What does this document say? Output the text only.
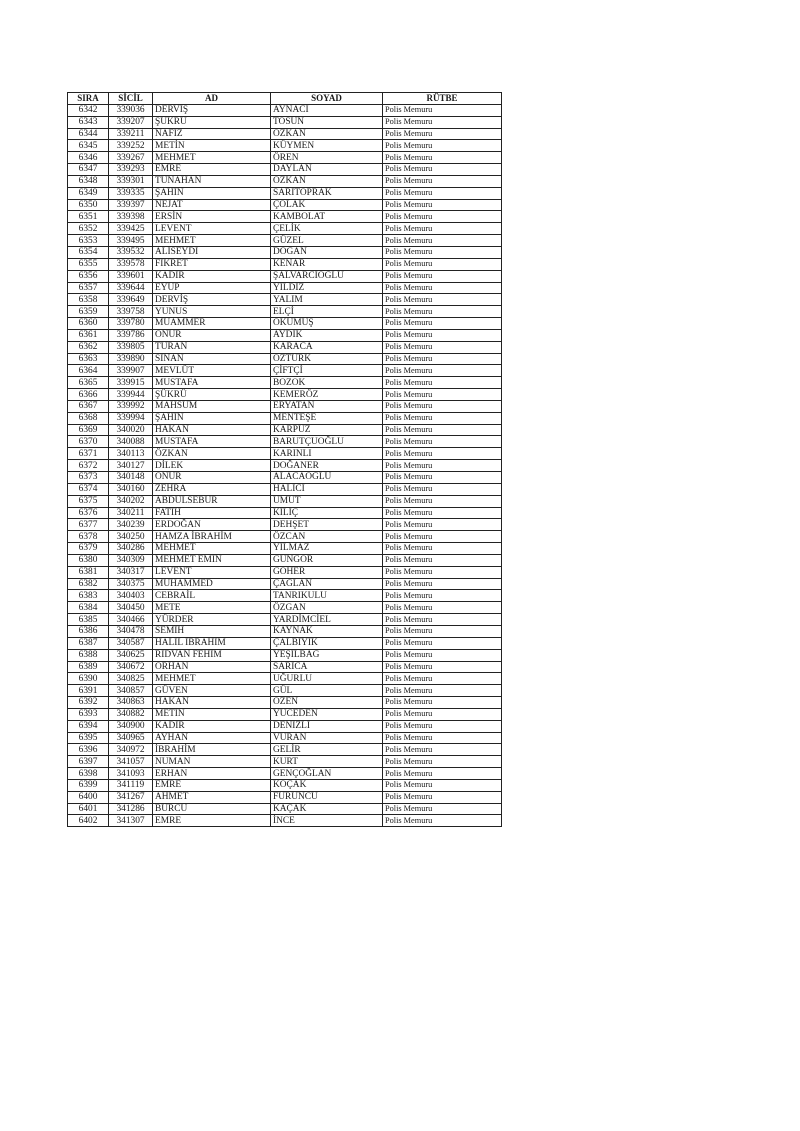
SIRA	SİCİL	AD	SOYAD	RÜTBE
6342	339036	DERVİŞ	AYNACI	Polis Memuru
6343	339207	ŞÜKRÜ	TOSUN	Polis Memuru
6344	339211	NAFİZ	ÖZKAN	Polis Memuru
6345	339252	METİN	KÜYMEN	Polis Memuru
6346	339267	MEHMET	ÖREN	Polis Memuru
6347	339293	EMRE	DAYLAN	Polis Memuru
6348	339301	TUNAHAN	ÖZKAN	Polis Memuru
6349	339335	ŞAHİN	SARITOPRAK	Polis Memuru
6350	339397	NEJAT	ÇOLAK	Polis Memuru
6351	339398	ERSİN	KAMBOLAT	Polis Memuru
6352	339425	LEVENT	ÇELİK	Polis Memuru
6353	339495	MEHMET	GÜZEL	Polis Memuru
6354	339532	ALİSEYDİ	DOĞAN	Polis Memuru
6355	339578	FİKRET	KENAR	Polis Memuru
6356	339601	KADİR	ŞALVARCIOĞLU	Polis Memuru
6357	339644	EYÜP	YILDIZ	Polis Memuru
6358	339649	DERVİŞ	YALIM	Polis Memuru
6359	339758	YUNUS	ELÇİ	Polis Memuru
6360	339780	MUAMMER	OKUMUŞ	Polis Memuru
6361	339786	ONUR	AYDIK	Polis Memuru
6362	339805	TURAN	KARACA	Polis Memuru
6363	339890	SİNAN	ÖZTÜRK	Polis Memuru
6364	339907	MEVLÜT	ÇİFTÇİ	Polis Memuru
6365	339915	MUSTAFA	BOZOK	Polis Memuru
6366	339944	ŞÜKRÜ	KEMERÖZ	Polis Memuru
6367	339992	MAHSUM	ERYATAN	Polis Memuru
6368	339994	ŞAHİN	MENTEŞE	Polis Memuru
6369	340020	HAKAN	KARPUZ	Polis Memuru
6370	340088	MUSTAFA	BARUTÇUOĞLU	Polis Memuru
6371	340113	ÖZKAN	KARINLI	Polis Memuru
6372	340127	DİLEK	DOĞANER	Polis Memuru
6373	340148	ONUR	ALACAOĞLU	Polis Memuru
6374	340160	ZEHRA	HALICI	Polis Memuru
6375	340202	ABDULSEBUR	UMUT	Polis Memuru
6376	340211	FATİH	KILIÇ	Polis Memuru
6377	340239	ERDOĞAN	DEHŞET	Polis Memuru
6378	340250	HAMZA İBRAHİM	ÖZCAN	Polis Memuru
6379	340286	MEHMET	YILMAZ	Polis Memuru
6380	340309	MEHMET EMİN	GÜNGÖR	Polis Memuru
6381	340317	LEVENT	GÖHER	Polis Memuru
6382	340375	MUHAMMED	ÇAĞLAN	Polis Memuru
6383	340403	CEBRAİL	TANRIKULU	Polis Memuru
6384	340450	METE	ÖZGAN	Polis Memuru
6385	340466	YÜRDER	YARDİMCİEL	Polis Memuru
6386	340478	SEMİH	KAYNAK	Polis Memuru
6387	340587	HALİL İBRAHİM	ÇALBIYIK	Polis Memuru
6388	340625	RIDVAN FEHİM	YEŞİLBAĞ	Polis Memuru
6389	340672	ORHAN	SARICA	Polis Memuru
6390	340825	MEHMET	UĞURLU	Polis Memuru
6391	340857	GÜVEN	GÜL	Polis Memuru
6392	340863	HAKAN	ÖZEN	Polis Memuru
6393	340882	METİN	YÜCEDEN	Polis Memuru
6394	340900	KADİR	DENİZLİ	Polis Memuru
6395	340965	AYHAN	VURAN	Polis Memuru
6396	340972	İBRAHİM	GELİR	Polis Memuru
6397	341057	NUMAN	KURT	Polis Memuru
6398	341093	ERHAN	GENÇOĞLAN	Polis Memuru
6399	341119	EMRE	KOÇAK	Polis Memuru
6400	341267	AHMET	FURUNCU	Polis Memuru
6401	341286	BURCU	KAÇAK	Polis Memuru
6402	341307	EMRE	İNCE	Polis Memuru
